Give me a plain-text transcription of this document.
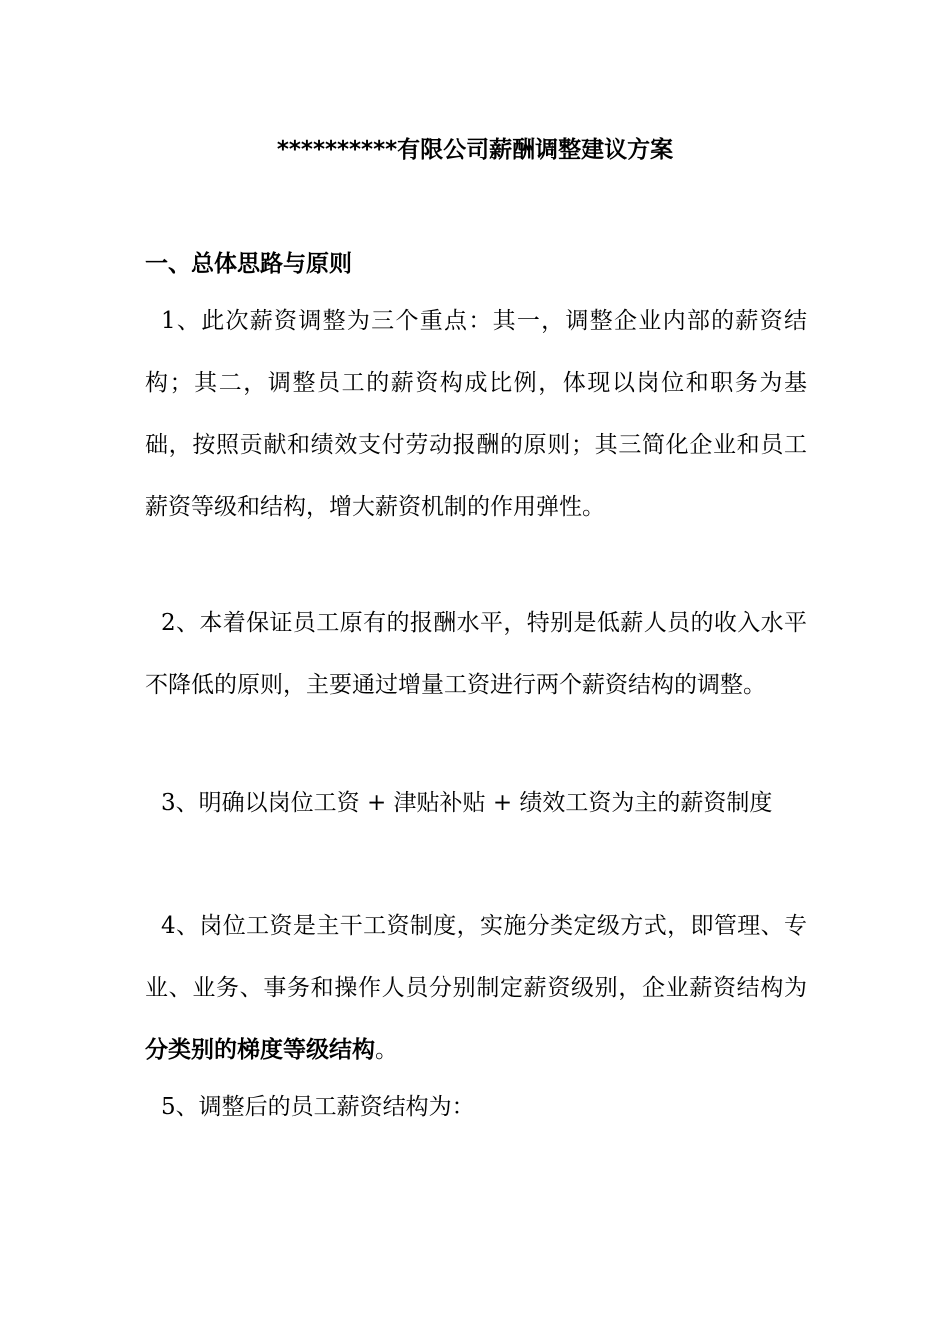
**********有限公司薪酬调整建议方案
一、总体思路与原则

1、此次薪资调整为三个重点：其一，调整企业内部的薪资结构；其二，调整员工的薪资构成比例，体现以岗位和职务为基础，按照贡献和绩效支付劳动报酬的原则；其三简化企业和员工薪资等级和结构，增大薪资机制的作用弹性。

2、本着保证员工原有的报酬水平，特别是低薪人员的收入水平不降低的原则，主要通过增量工资进行两个薪资结构的调整。

3、明确以岗位工资 + 津贴补贴 + 绩效工资为主的薪资制度

4、岗位工资是主干工资制度，实施分类定级方式，即管理、专业、业务、事务和操作人员分别制定薪资级别，企业薪资结构为分类别的梯度等级结构。

5、调整后的员工薪资结构为：
